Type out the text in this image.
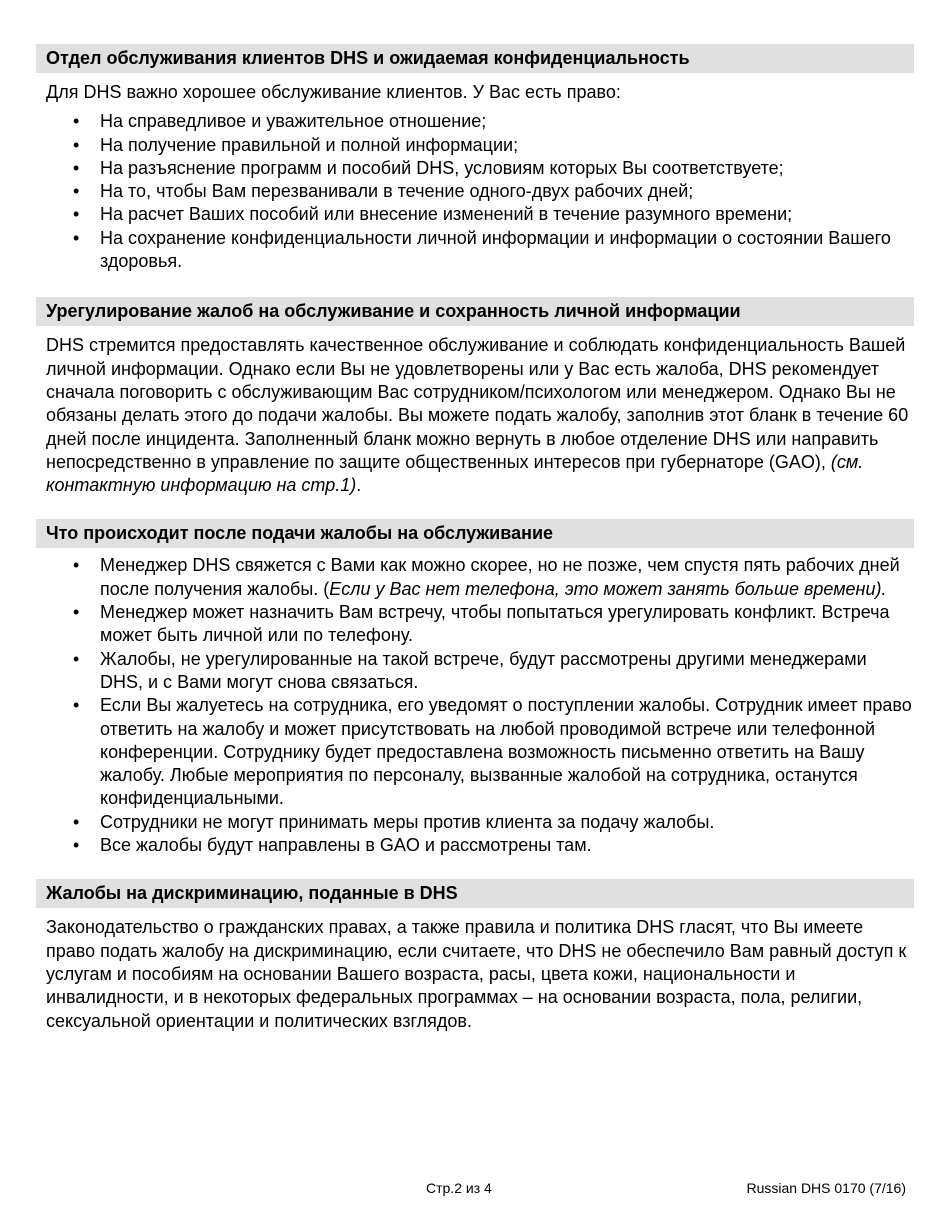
Отдел обслуживания клиентов DHS и ожидаемая конфиденциальность

Для DHS важно хорошее обслуживание клиентов. У Вас есть право:

• На справедливое и уважительное отношение;
• На получение правильной и полной информации;
• На разъяснение программ и пособий DHS, условиям которых Вы соответствуете;
• На то, чтобы Вам перезванивали в течение одного-двух рабочих дней;
• На расчет Ваших пособий или внесение изменений в течение разумного времени;
• На сохранение конфиденциальности личной информации и информации о состоянии Вашего здоровья.
Урегулирование жалоб на обслуживание и сохранность личной информации

DHS стремится предоставлять качественное обслуживание и соблюдать конфиденциальность Вашей личной информации. Однако если Вы не удовлетворены или у Вас есть жалоба, DHS рекомендует сначала поговорить с обслуживающим Вас сотрудником/психологом или менеджером. Однако Вы не обязаны делать этого до подачи жалобы. Вы можете подать жалобу, заполнив этот бланк в течение 60 дней после инцидента. Заполненный бланк можно вернуть в любое отделение DHS или направить непосредственно в управление по защите общественных интересов при губернаторе (GAO), (см. контактную информацию на стр.1).

Что происходит после подачи жалобы на обслуживание
• Менеджер DHS свяжется с Вами как можно скорее, но не позже, чем спустя пять рабочих дней после получения жалобы. (Если у Вас нет телефона, это может занять больше времени).
• Менеджер может назначить Вам встречу, чтобы попытаться урегулировать конфликт. Встреча может быть личной или по телефону.
• Жалобы, не урегулированные на такой встрече, будут рассмотрены другими менеджерами DHS, и с Вами могут снова связаться.
• Если Вы жалуетесь на сотрудника, его уведомят о поступлении жалобы. Сотрудник имеет право ответить на жалобу и может присутствовать на любой проводимой встрече или телефонной конференции. Сотруднику будет предоставлена возможность письменно ответить на Вашу жалобу. Любые мероприятия по персоналу, вызванные жалобой на сотрудника, останутся конфиденциальными.
• Сотрудники не могут принимать меры против клиента за подачу жалобы.
• Все жалобы будут направлены в GAO и рассмотрены там.
Жалобы на дискриминацию, поданные в DHS

Законодательство о гражданских правах, а также правила и политика DHS гласят, что Вы имеете право подать жалобу на дискриминацию, если считаете, что DHS не обеспечило Вам равный доступ к услугам и пособиям на основании Вашего возраста, расы, цвета кожи, национальности и инвалидности, и в некоторых федеральных программах – на основании возраста, пола, религии, сексуальной ориентации и политических взглядов.

Стр.2 из 4	Russian DHS 0170 (7/16)
